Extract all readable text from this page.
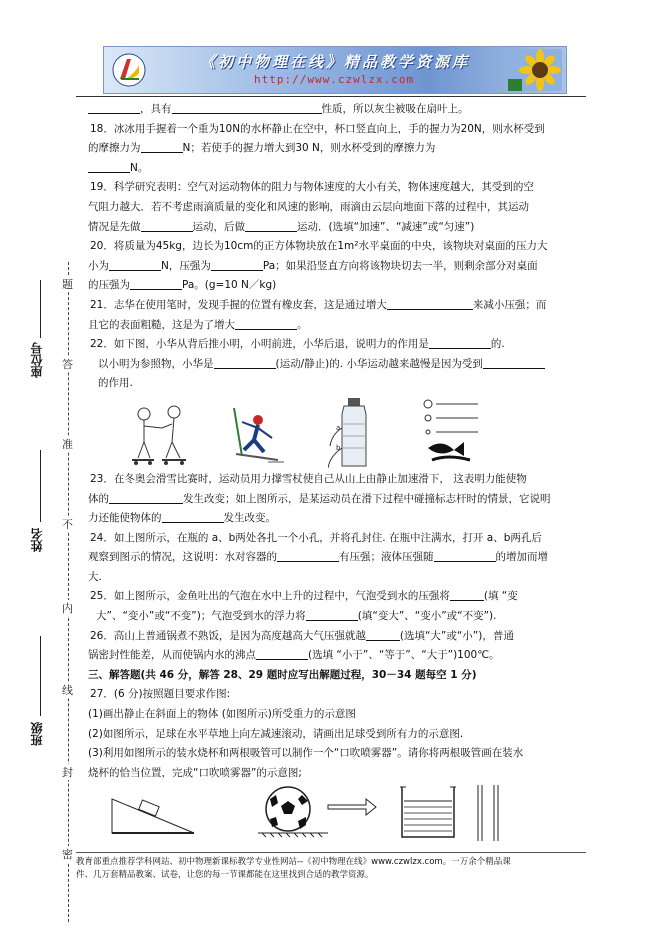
《初中物理在线》精品教学资源库
http://www.czwlzx.com
题
答
准
不
内
线
封
密
座位号
姓名
班级

，具有	性质，所以灰尘被吸在扇叶上。

18．冰冰用手握着一个重为10N的水杯静止在空中，杯口竖直向上，手的握力为20N，则水杯受到

的摩擦力为	N；若使手的握力增大到30 N，则水杯受到的摩擦力为

N。

19．科学研究表明：空气对运动物体的阻力与物体速度的大小有关，物体速度越大，其受到的空

气阻力越大．若不考虑雨滴质量的变化和风速的影响，雨滴由云层向地面下落的过程中，其运动

情况是先做	运动，后做	运动．(选填“加速”、“减速”或“匀速”)

20．将质量为45kg，边长为10cm的正方体物块放在1m²水平桌面的中央，该物块对桌面的压力大

小为	N，压强为	Pa；如果沿竖直方向将该物块切去一半，则剩余部分对桌面

的压强为	Pa。(g=10 N／kg)

21．志华在使用笔时，发现手握的位置有橡皮套，这是通过增大	来减小压强；而

且它的表面粗糙，这是为了增大	。

22．如下图，小华从背后推小明，小明前进，小华后退，说明力的作用是	的.

以小明为参照物，小华是	(运动/静止)的. 小华运动越来越慢是因为受到

的作用.

a
b

23．在冬奥会滑雪比赛时，运动员用力撑雪杖使自己从山上由静止加速滑下， 这表明力能使物

体的	发生改变；如上图所示，是某运动员在滑下过程中碰撞标志杆时的情景，它说明

力还能使物体的	发生改变。

24．如上图所示，在瓶的 a、b两处各扎一个小孔，并将孔封住. 在瓶中注满水，打开 a、b两孔后

观察到图示的情况，这说明：水对容器的	有压强；液体压强随	的增加而增

大.

25．如上图所示，金鱼吐出的气泡在水中上升的过程中，气泡受到水的压强将	(填 “变

大”、“变小”或“不变”)；气泡受到水的浮力将	(填“变大”、“变小”或“不变”).

26．高山上普通锅煮不熟饭，是因为高度越高大气压强就越	(选填“大”或“小”)，普通

锅密封性能差，从而使锅内水的沸点	(选填 “小于”、“等于”、“大于”)100℃。

三、解答题(共 46 分，解答 28、29 题时应写出解题过程，30－34 题每空 1 分)

27．(6 分)按照题目要求作图:

(1)画出静止在斜面上的物体 (如图所示)所受重力的示意图

(2)如图所示，足球在水平草地上向左减速滚动，请画出足球受到所有力的示意图.

(3)利用如图所示的装水烧杯和两根吸管可以制作一个“口吹喷雾器”。请你将两根吸管画在装水

烧杯的恰当位置，完成“口吹喷雾器”的示意图;

教育部重点推荐学科网站、初中物理新课标教学专业性网站--《初中物理在线》www.czwlzx.com。一万余个精品课
件、几万套精品教案、试卷，让您的每一节课都能在这里找到合适的教学资源。
